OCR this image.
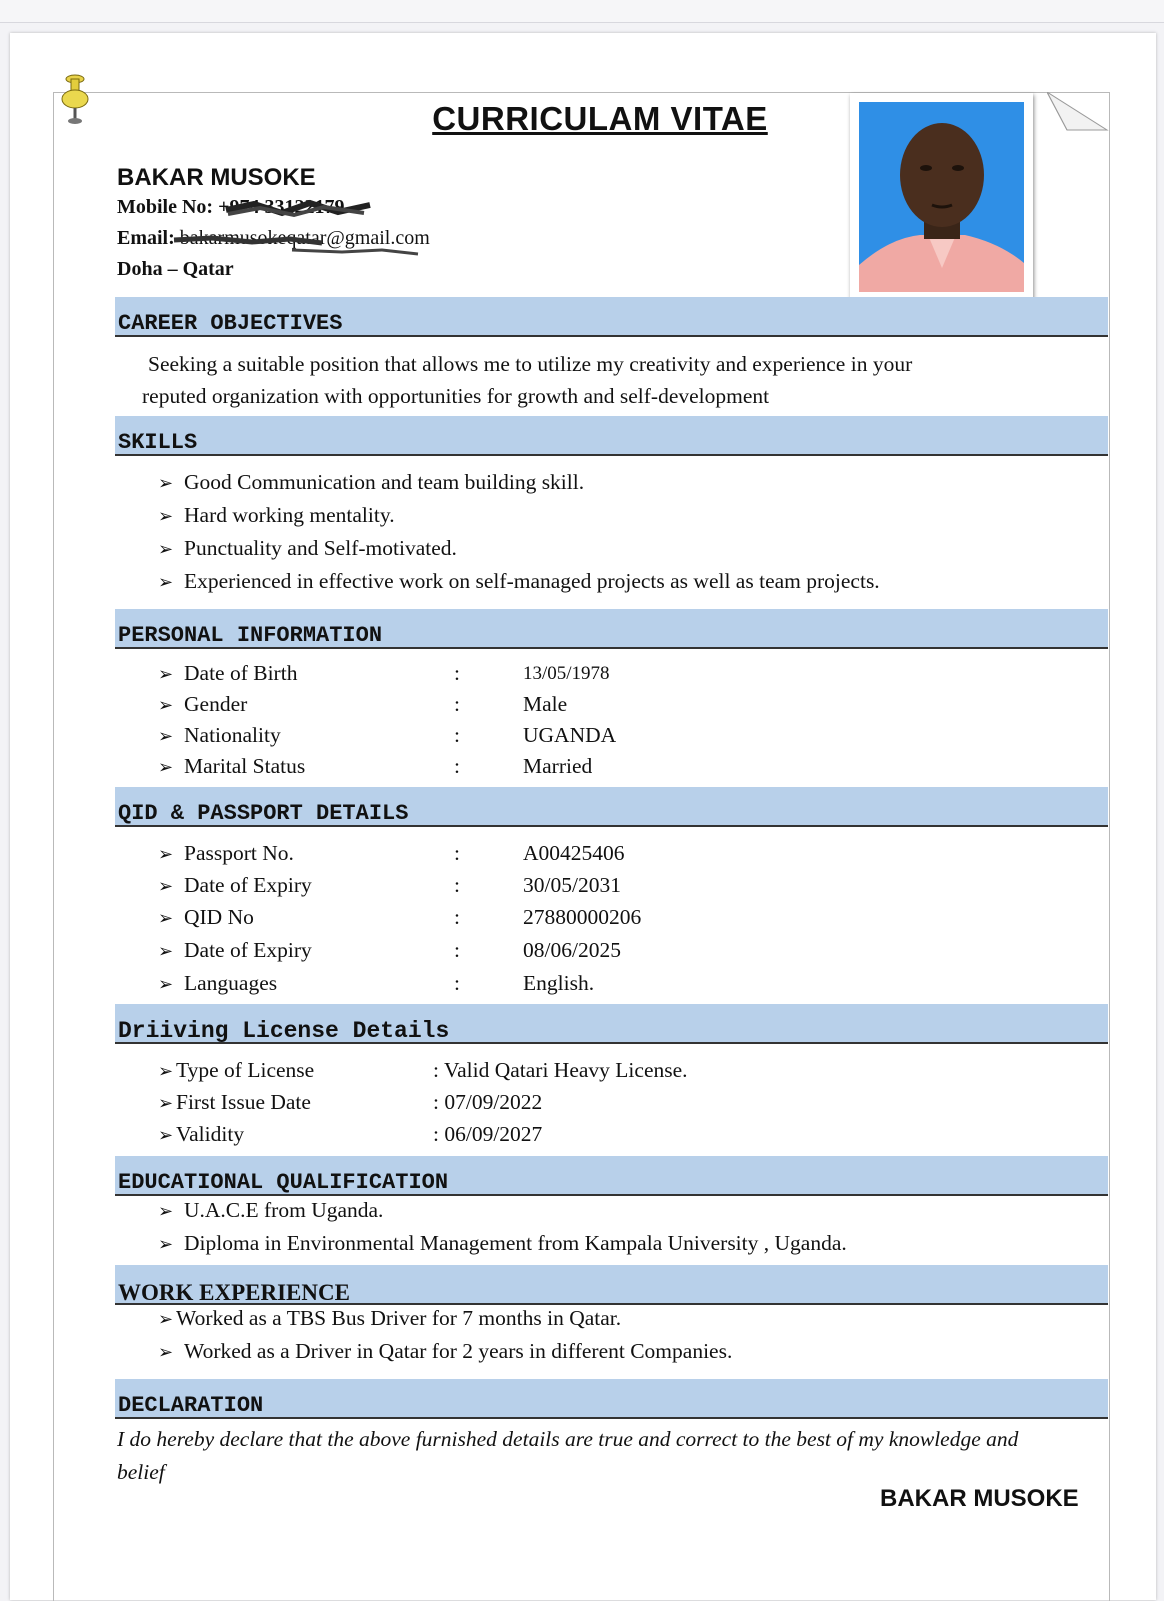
CURRICULAM VITAE
BAKAR MUSOKE
Mobile No: +974 33122179
Email: bakarmusokeqatar@gmail.com
Doha – Qatar
CAREER OBJECTIVES
Seeking a suitable position that allows me to utilize my creativity and experience in your
reputed organization with opportunities for growth and self-development
SKILLS
➢ Good Communication and team building skill.
➢ Hard working mentality.
➢ Punctuality and Self-motivated.
➢ Experienced in effective work on self-managed projects as well as team projects.
PERSONAL INFORMATION
➢ Date of Birth	:	13/05/1978
➢ Gender	:	Male
➢ Nationality	:	UGANDA
➢ Marital Status	:	Married
QID & PASSPORT DETAILS
➢ Passport No.	:	A00425406
➢ Date of Expiry	:	30/05/2031
➢ QID No	:	27880000206
➢ Date of Expiry	:	08/06/2025
➢ Languages	:	English.
Driiving License Details
➢ Type of License	: Valid Qatari Heavy License.
➢ First Issue Date	: 07/09/2022
➢ Validity	: 06/09/2027
EDUCATIONAL QUALIFICATION
➢ U.A.C.E from Uganda.
➢ Diploma in Environmental Management from Kampala University , Uganda.
WORK EXPERIENCE
➢ Worked as a TBS Bus Driver for 7 months in Qatar.
➢ Worked as a Driver in Qatar for 2 years in different Companies.
DECLARATION
I do hereby declare that the above furnished details are true and correct to the best of my knowledge and belief
BAKAR MUSOKE
